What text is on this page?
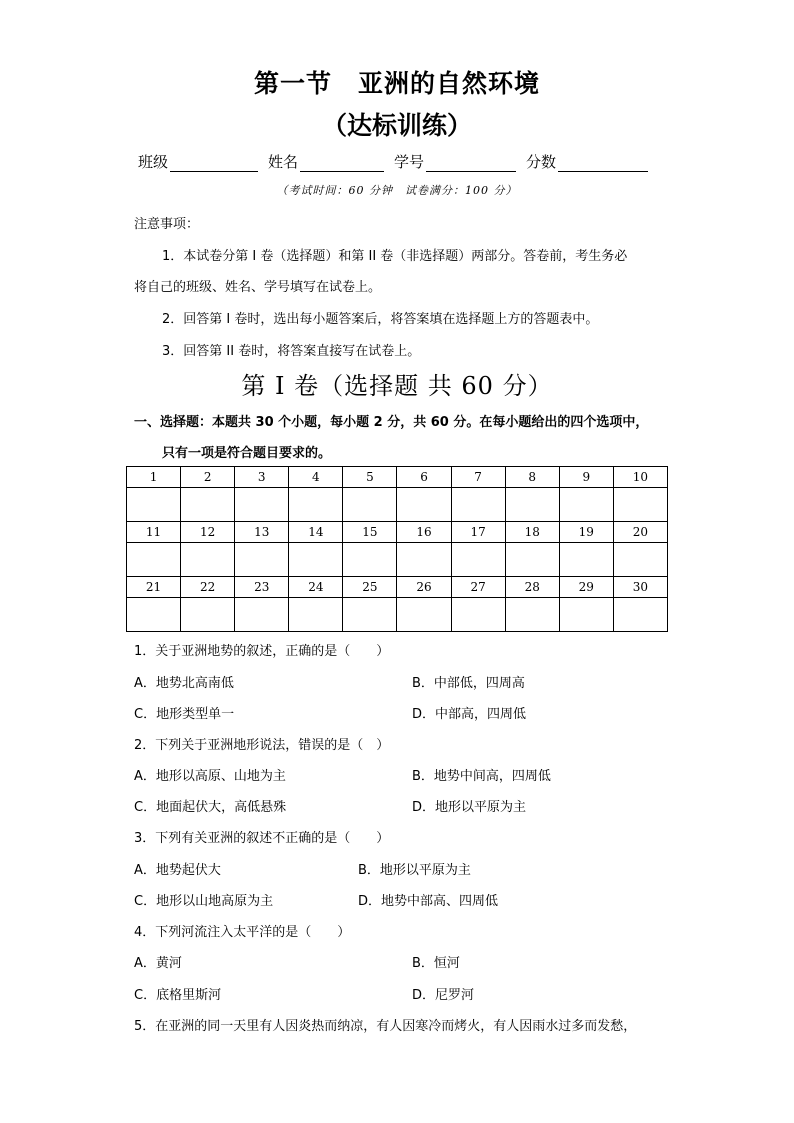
第一节　亚洲的自然环境
（达标训练）
班级	姓名	学号	分数
（考试时间：60 分钟　试卷满分：100 分）
注意事项：
1．本试卷分第 I 卷（选择题）和第 II 卷（非选择题）两部分。答卷前，考生务必
将自己的班级、姓名、学号填写在试卷上。
2．回答第 I 卷时，选出每小题答案后，将答案填在选择题上方的答题表中。
3．回答第 II 卷时，将答案直接写在试卷上。
第 I 卷（选择题 共 60 分）
一、选择题：本题共 30 个小题，每小题 2 分，共 60 分。在每小题给出的四个选项中，
只有一项是符合题目要求的。
1	2	3	4	5	6	7	8	9	10

11	12	13	14	15	16	17	18	19	20

21	22	23	24	25	26	27	28	29	30

1．关于亚洲地势的叙述，正确的是（　　）
A．地势北高南低	B．中部低，四周高
C．地形类型单一	D．中部高，四周低
2．下列关于亚洲地形说法，错误的是（　）
A．地形以高原、山地为主	B．地势中间高，四周低
C．地面起伏大，高低悬殊	D．地形以平原为主
3．下列有关亚洲的叙述不正确的是（　　）
A．地势起伏大	B．地形以平原为主
C．地形以山地高原为主	D．地势中部高、四周低
4．下列河流注入太平洋的是（　　）
A．黄河	B．恒河
C．底格里斯河	D．尼罗河
5．在亚洲的同一天里有人因炎热而纳凉，有人因寒冷而烤火，有人因雨水过多而发愁，
